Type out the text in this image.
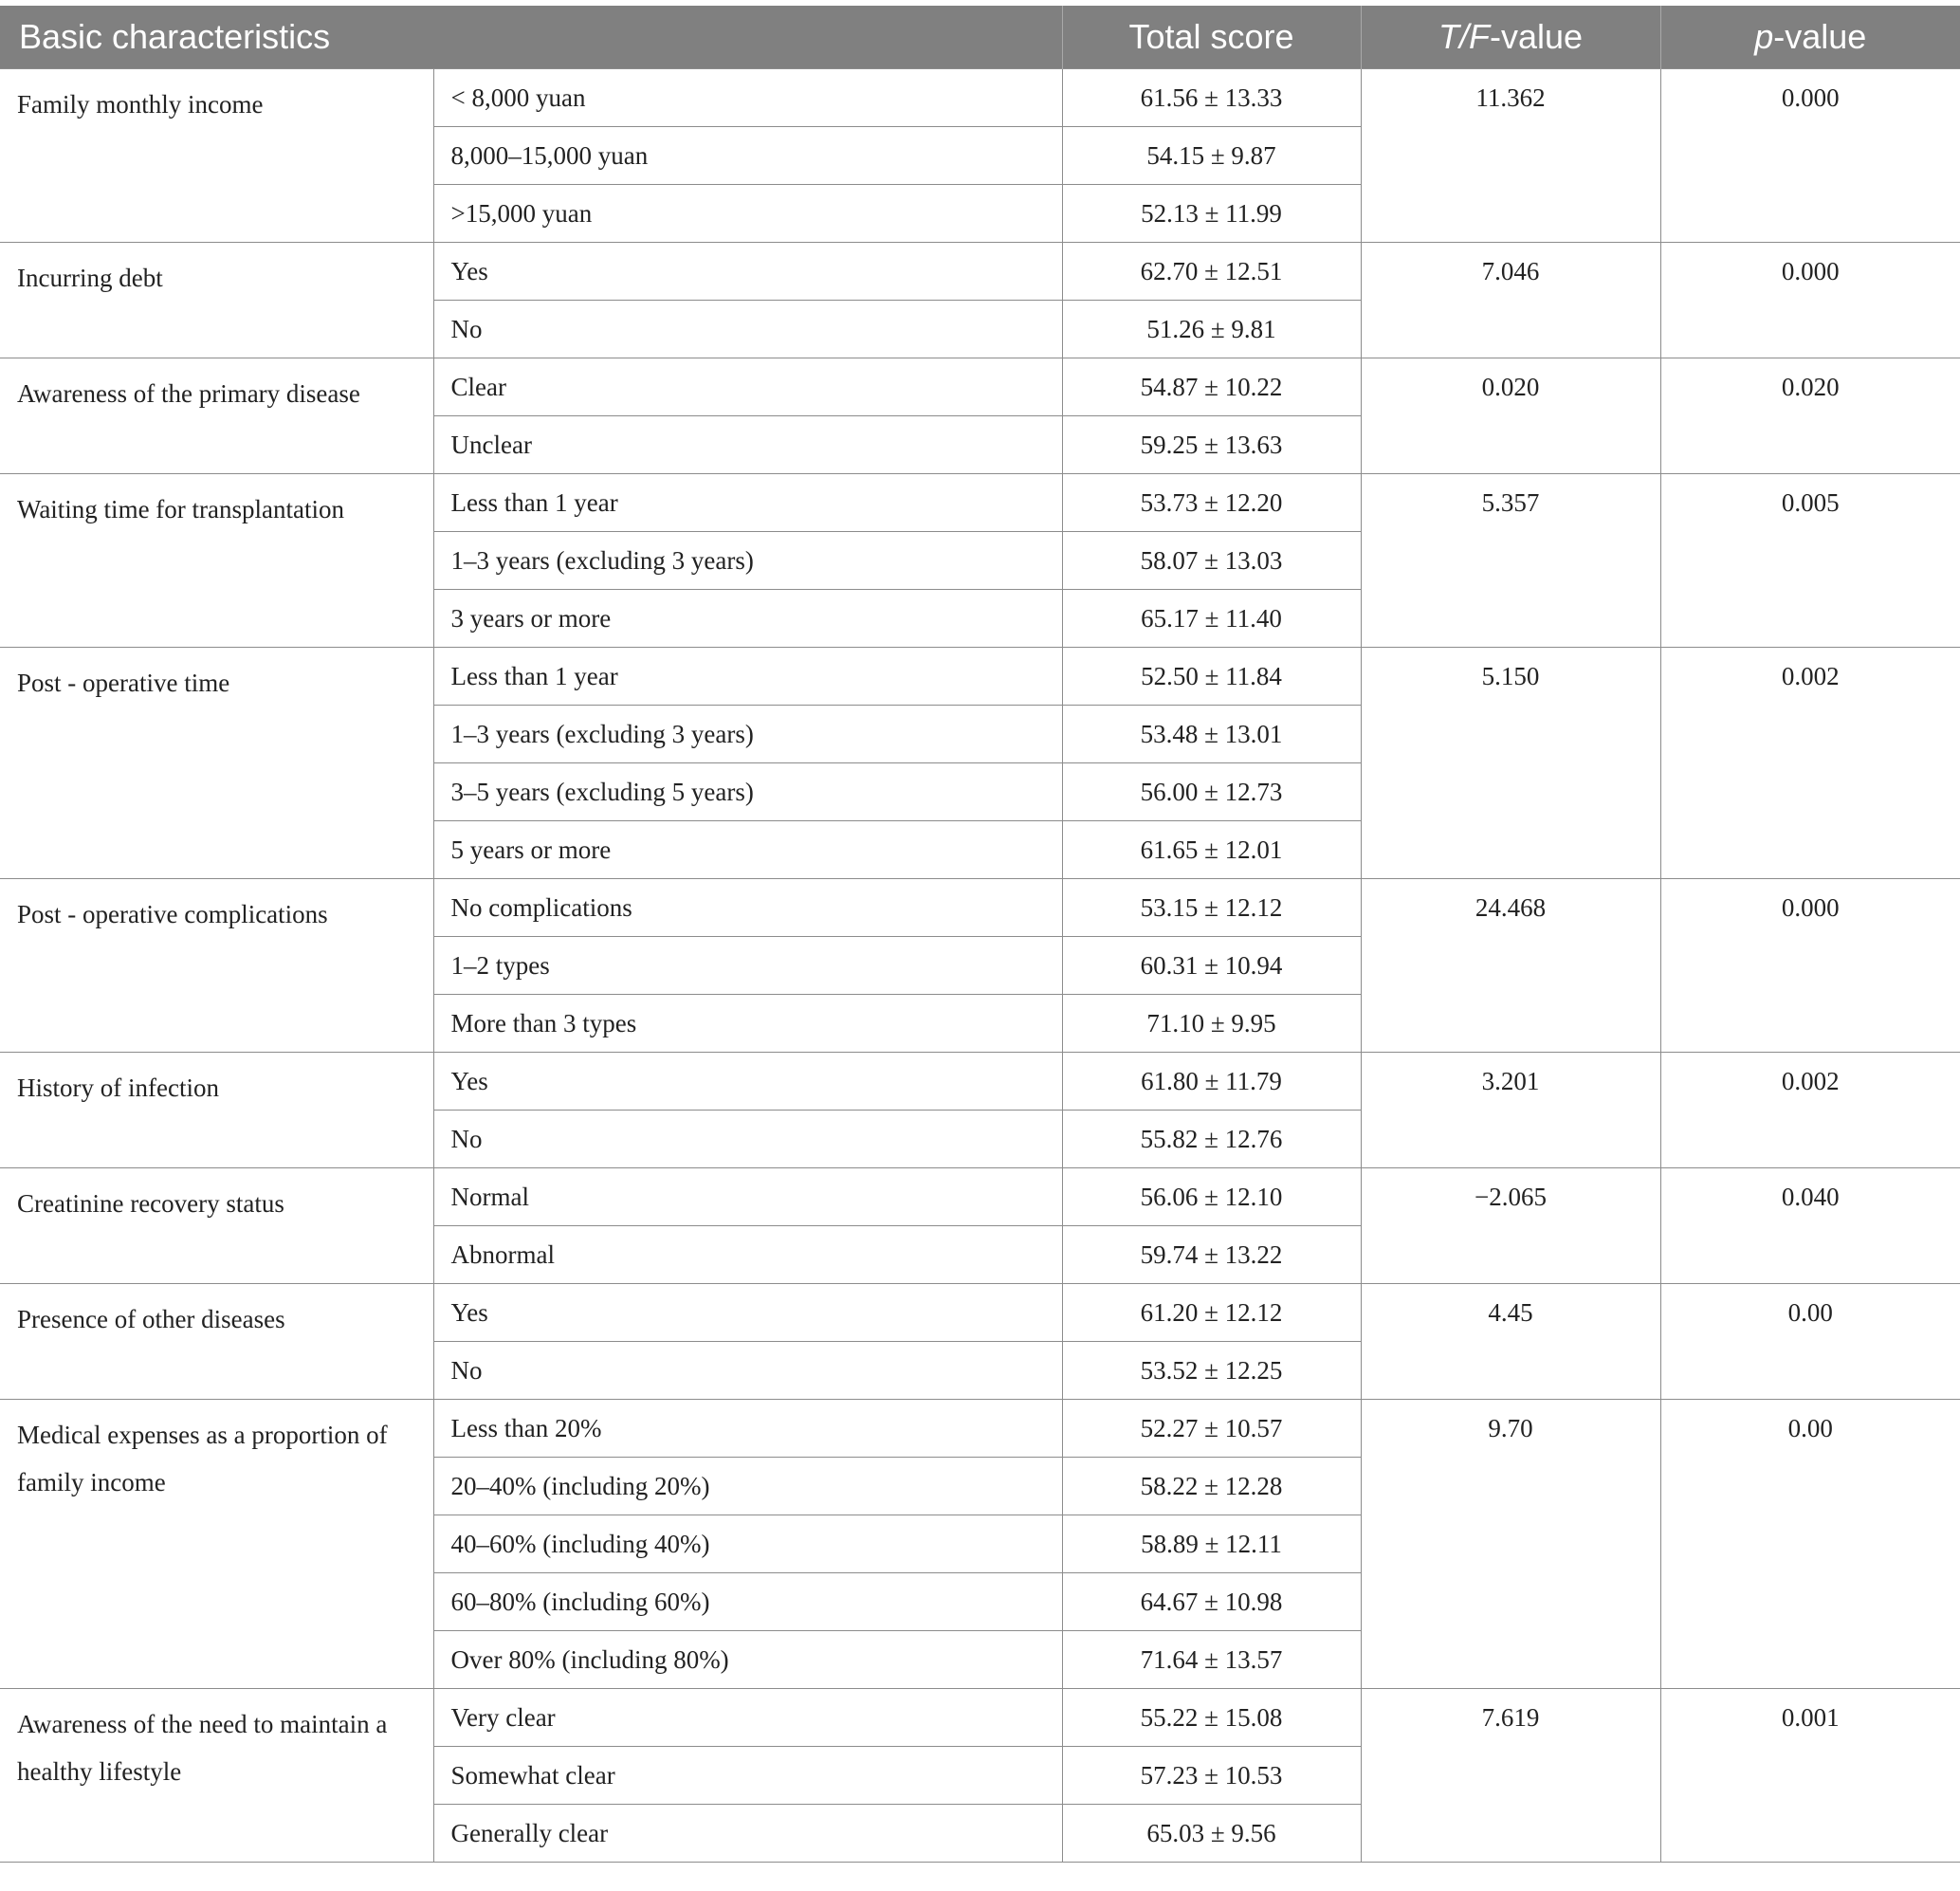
Basic characteristics		Total score	T/F-value	p-value
Family monthly income	< 8,000 yuan	61.56 ± 13.33	11.362	0.000
	8,000–15,000 yuan	54.15 ± 9.87		
	>15,000 yuan	52.13 ± 11.99		
Incurring debt	Yes	62.70 ± 12.51	7.046	0.000
	No	51.26 ± 9.81		
Awareness of the primary disease	Clear	54.87 ± 10.22	0.020	0.020
	Unclear	59.25 ± 13.63		
Waiting time for transplantation	Less than 1 year	53.73 ± 12.20	5.357	0.005
	1–3 years (excluding 3 years)	58.07 ± 13.03		
	3 years or more	65.17 ± 11.40		
Post - operative time	Less than 1 year	52.50 ± 11.84	5.150	0.002
	1–3 years (excluding 3 years)	53.48 ± 13.01		
	3–5 years (excluding 5 years)	56.00 ± 12.73		
	5 years or more	61.65 ± 12.01		
Post - operative complications	No complications	53.15 ± 12.12	24.468	0.000
	1–2 types	60.31 ± 10.94		
	More than 3 types	71.10 ± 9.95		
History of infection	Yes	61.80 ± 11.79	3.201	0.002
	No	55.82 ± 12.76		
Creatinine recovery status	Normal	56.06 ± 12.10	−2.065	0.040
	Abnormal	59.74 ± 13.22		
Presence of other diseases	Yes	61.20 ± 12.12	4.45	0.00
	No	53.52 ± 12.25		
Medical expenses as a proportion of family income	Less than 20%	52.27 ± 10.57	9.70	0.00
	20–40% (including 20%)	58.22 ± 12.28		
	40–60% (including 40%)	58.89 ± 12.11		
	60–80% (including 60%)	64.67 ± 10.98		
	Over 80% (including 80%)	71.64 ± 13.57		
Awareness of the need to maintain a healthy lifestyle	Very clear	55.22 ± 15.08	7.619	0.001
	Somewhat clear	57.23 ± 10.53		
	Generally clear	65.03 ± 9.56		
